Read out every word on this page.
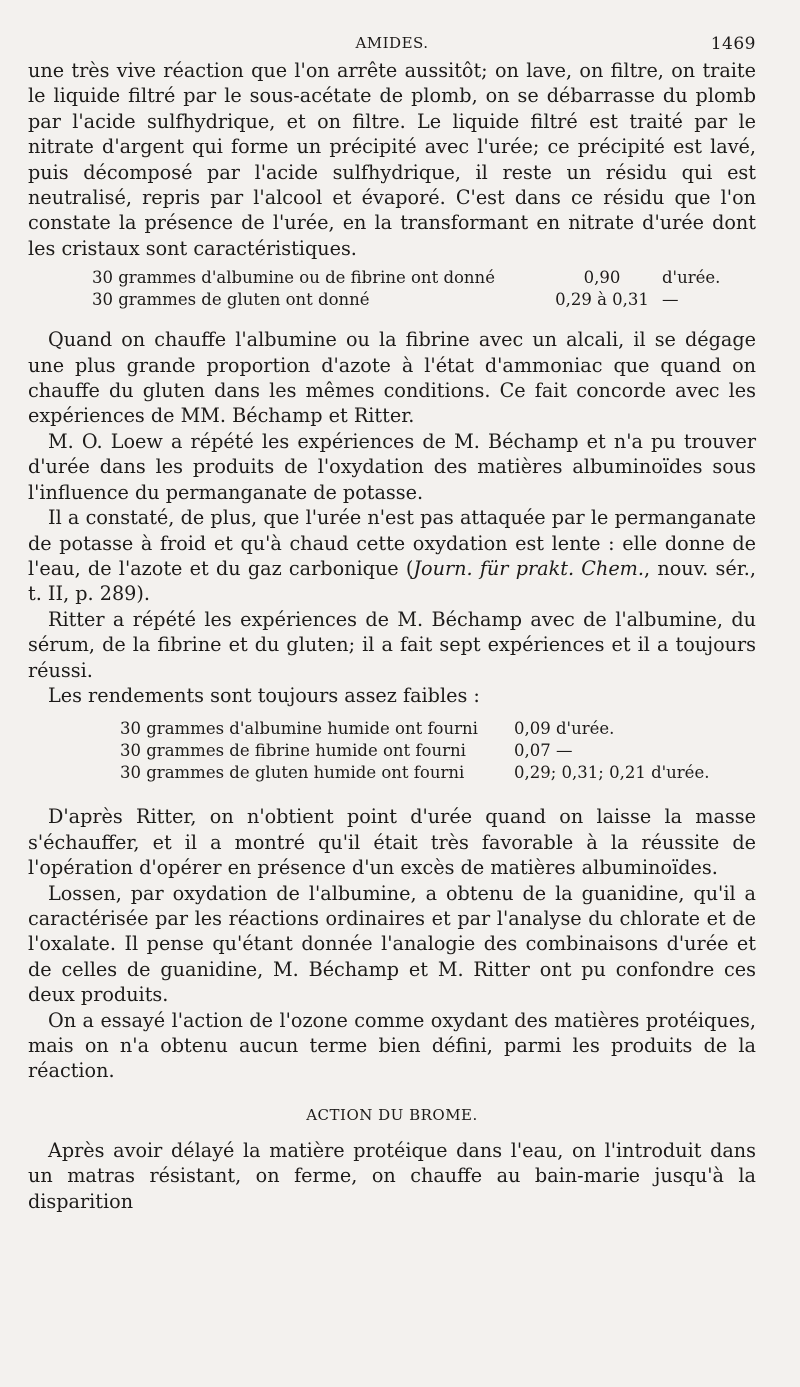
AMIDES.	1469

une très vive réaction que l'on arrête aussitôt; on lave, on filtre, on traite le liquide filtré par le sous-acétate de plomb, on se débarrasse du plomb par l'acide sulfhydrique, et on filtre. Le liquide filtré est traité par le nitrate d'argent qui forme un précipité avec l'urée; ce précipité est lavé, puis décomposé par l'acide sulfhydrique, il reste un résidu qui est neutralisé, repris par l'alcool et évaporé. C'est dans ce résidu que l'on constate la présence de l'urée, en la transformant en nitrate d'urée dont les cristaux sont caractéristiques.

30 grammes d'albumine ou de fibrine ont donné	0,90	d'urée.
30 grammes de gluten ont donné	0,29 à 0,31 —

Quand on chauffe l'albumine ou la fibrine avec un alcali, il se dégage une plus grande proportion d'azote à l'état d'ammoniac que quand on chauffe du gluten dans les mêmes conditions. Ce fait concorde avec les expériences de MM. Béchamp et Ritter.

M. O. Loew a répété les expériences de M. Béchamp et n'a pu trouver d'urée dans les produits de l'oxydation des matières albuminoïdes sous l'influence du permanganate de potasse.

Il a constaté, de plus, que l'urée n'est pas attaquée par le permanganate de potasse à froid et qu'à chaud cette oxydation est lente : elle donne de l'eau, de l'azote et du gaz carbonique (Journ. für prakt. Chem., nouv. sér., t. II, p. 289).

Ritter a répété les expériences de M. Béchamp avec de l'albumine, du sérum, de la fibrine et du gluten; il a fait sept expériences et il a toujours réussi.

Les rendements sont toujours assez faibles :

30 grammes d'albumine humide ont fourni	0,09 d'urée.
30 grammes de fibrine humide ont fourni	0,07 —
30 grammes de gluten humide ont fourni	0,29; 0,31; 0,21 d'urée.

D'après Ritter, on n'obtient point d'urée quand on laisse la masse s'échauffer, et il a montré qu'il était très favorable à la réussite de l'opération d'opérer en présence d'un excès de matières albuminoïdes.

Lossen, par oxydation de l'albumine, a obtenu de la guanidine, qu'il a caractérisée par les réactions ordinaires et par l'analyse du chlorate et de l'oxalate. Il pense qu'étant donnée l'analogie des combinaisons d'urée et de celles de guanidine, M. Béchamp et M. Ritter ont pu confondre ces deux produits.

On a essayé l'action de l'ozone comme oxydant des matières protéiques, mais on n'a obtenu aucun terme bien défini, parmi les produits de la réaction.

ACTION DU BROME.

Après avoir délayé la matière protéique dans l'eau, on l'introduit dans un matras résistant, on ferme, on chauffe au bain-marie jusqu'à la disparition
